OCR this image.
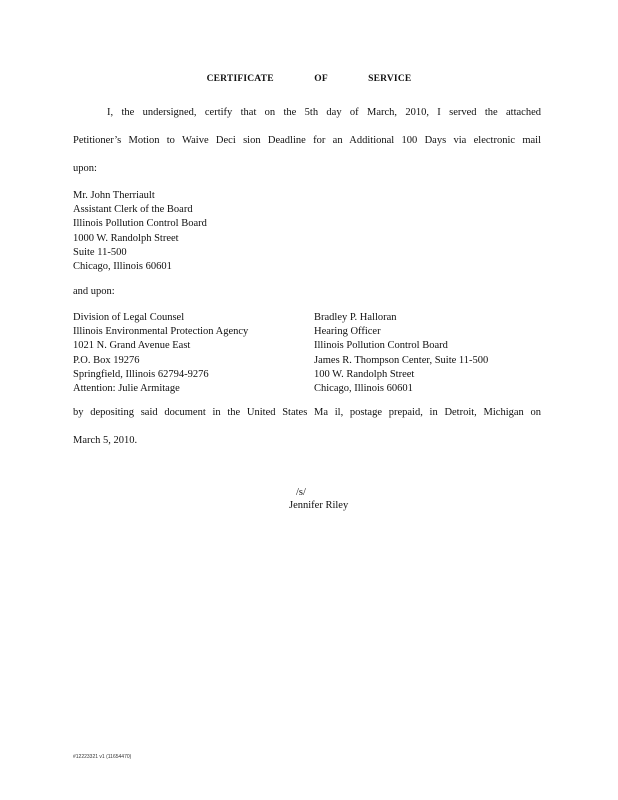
CERTIFICATE OF SERVICE
I, the undersigned, certify that on the 5th day of March, 2010, I served the attached
Petitioner’s Motion to Waive Deci sion Deadline for an Additional 100 Days via electronic mail
upon:
Mr. John Therriault
Assistant Clerk of the Board
Illinois Pollution Control Board
1000 W. Randolph Street
Suite 11-500
Chicago, Illinois 60601
and upon:
Division of Legal Counsel
Illinois Environmental Protection Agency
1021 N. Grand Avenue East
P.O. Box 19276
Springfield, Illinois 62794-9276
Attention: Julie Armitage
Bradley P. Halloran
Hearing Officer
Illinois Pollution Control Board
James R. Thompson Center, Suite 11-500
100 W. Randolph Street
Chicago, Illinois 60601
by depositing said document in the United States Ma il, postage prepaid, in Detroit, Michigan on
March 5, 2010.
/s/
Jennifer Riley
#12223321 v1 (11654470)
